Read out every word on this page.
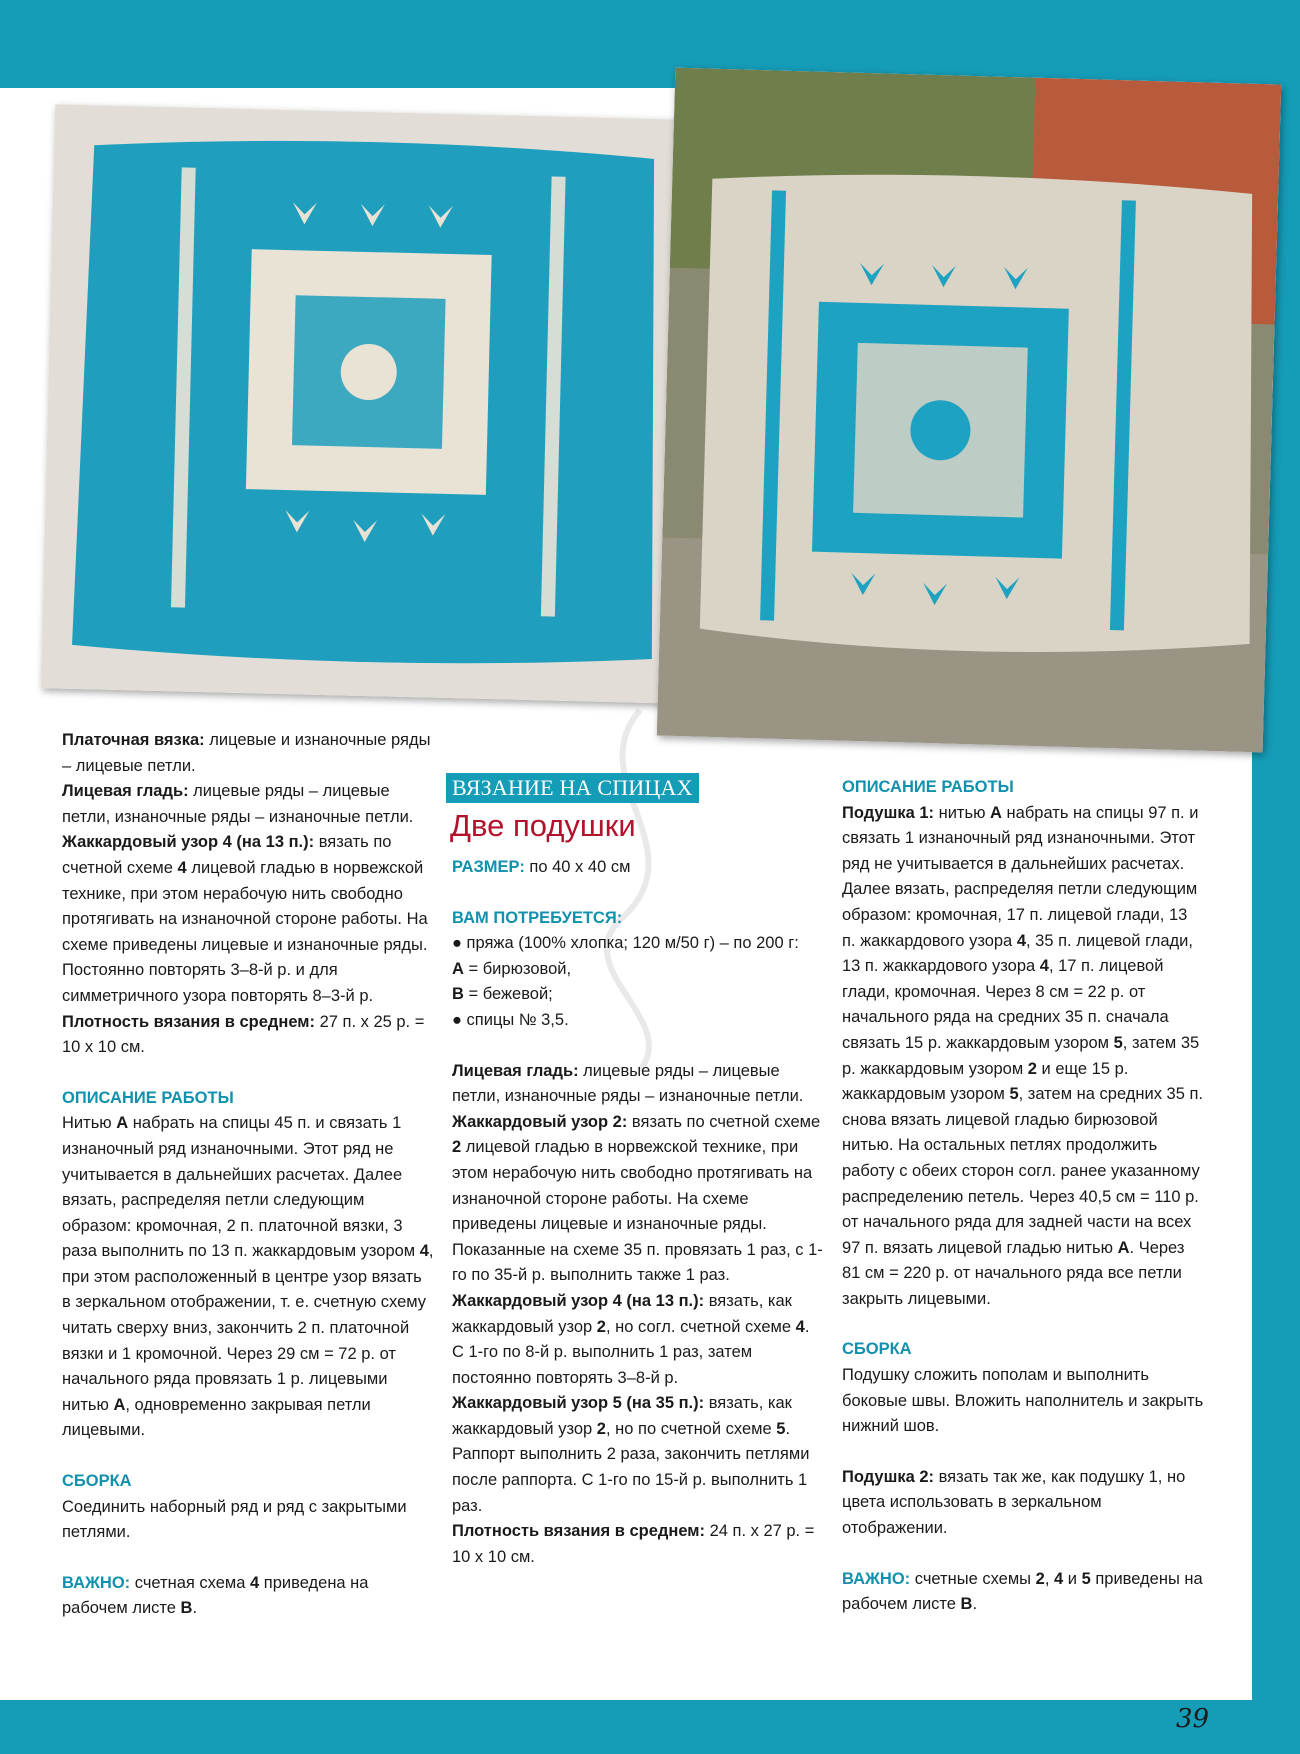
39

Платочная вязка: лицевые и изнаночные ряды – лицевые петли.

Лицевая гладь: лицевые ряды – лицевые петли, изнаночные ряды – изнаночные петли.

Жаккардовый узор 4 (на 13 п.): вязать по счетной схеме 4 лицевой гладью в норвежской технике, при этом нерабочую нить свободно протягивать на изнаночной стороне работы. На схеме приведены лицевые и изнаночные ряды. Постоянно повторять 3–8-й р. и для симметричного узора повторять 8–3-й р.

Плотность вязания в среднем: 27 п. х 25 р. = 10 х 10 см.

ОПИСАНИЕ РАБОТЫ

Нитью А набрать на спицы 45 п. и связать 1 изнаночный ряд изнаночными. Этот ряд не учитывается в дальнейших расчетах. Далее вязать, распределяя петли следующим образом: кромочная, 2 п. платочной вязки, 3 раза выполнить по 13 п. жаккардовым узором 4, при этом расположенный в центре узор вязать в зеркальном отображении, т. е. счетную схему читать сверху вниз, закончить 2 п. платочной вязки и 1 кромочной. Через 29 см = 72 р. от начального ряда провязать 1 р. лицевыми нитью А, одновременно закрывая петли лицевыми.

СБОРКА

Соединить наборный ряд и ряд с закрытыми петлями.

ВАЖНО: счетная схема 4 приведена на рабочем листе В.

ВЯЗАНИЕ НА СПИЦАХ
Две подушки

РАЗМЕР: по 40 х 40 см

ВАМ ПОТРЕБУЕТСЯ:

● пряжа (100% хлопка; 120 м/50 г) – по 200 г:

А = бирюзовой,

В = бежевой;

● спицы № 3,5.

Лицевая гладь: лицевые ряды – лицевые петли, изнаночные ряды – изнаночные петли.

Жаккардовый узор 2: вязать по счетной схеме 2 лицевой гладью в норвежской технике, при этом нерабочую нить свободно протягивать на изнаночной стороне работы. На схеме приведены лицевые и изнаночные ряды. Показанные на схеме 35 п. провязать 1 раз, с 1-го по 35-й р. выполнить также 1 раз.

Жаккардовый узор 4 (на 13 п.): вязать, как жаккардовый узор 2, но согл. счетной схеме 4.

С 1-го по 8-й р. выполнить 1 раз, затем постоянно повторять 3–8-й р.

Жаккардовый узор 5 (на 35 п.): вязать, как жаккардовый узор 2, но по счетной схеме 5. Раппорт выполнить 2 раза, закончить петлями после раппорта. С 1-го по 15-й р. выполнить 1 раз.

Плотность вязания в среднем: 24 п. х 27 р. = 10 х 10 см.

ОПИСАНИЕ РАБОТЫ

Подушка 1: нитью А набрать на спицы 97 п. и связать 1 изнаночный ряд изнаночными. Этот ряд не учитывается в дальнейших расчетах. Далее вязать, распределяя петли следующим образом: кромочная, 17 п. лицевой глади, 13 п. жаккардового узора 4, 35 п. лицевой глади, 13 п. жаккардового узора 4, 17 п. лицевой глади, кромочная. Через 8 см = 22 р. от начального ряда на средних 35 п. сначала связать 15 р. жаккардовым узором 5, затем 35 р. жаккардовым узором 2 и еще 15 р. жаккардовым узором 5, затем на средних 35 п. снова вязать лицевой гладью бирюзовой нитью. На остальных петлях продолжить работу с обеих сторон согл. ранее указанному распределению петель. Через 40,5 см = 110 р. от начального ряда для задней части на всех 97 п. вязать лицевой гладью нитью А. Через 81 см = 220 р. от начального ряда все петли закрыть лицевыми.

СБОРКА

Подушку сложить пополам и выполнить боковые швы. Вложить наполнитель и закрыть нижний шов.

Подушка 2: вязать так же, как подушку 1, но цвета использовать в зеркальном отображении.

ВАЖНО: счетные схемы 2, 4 и 5 приведены на рабочем листе В.
